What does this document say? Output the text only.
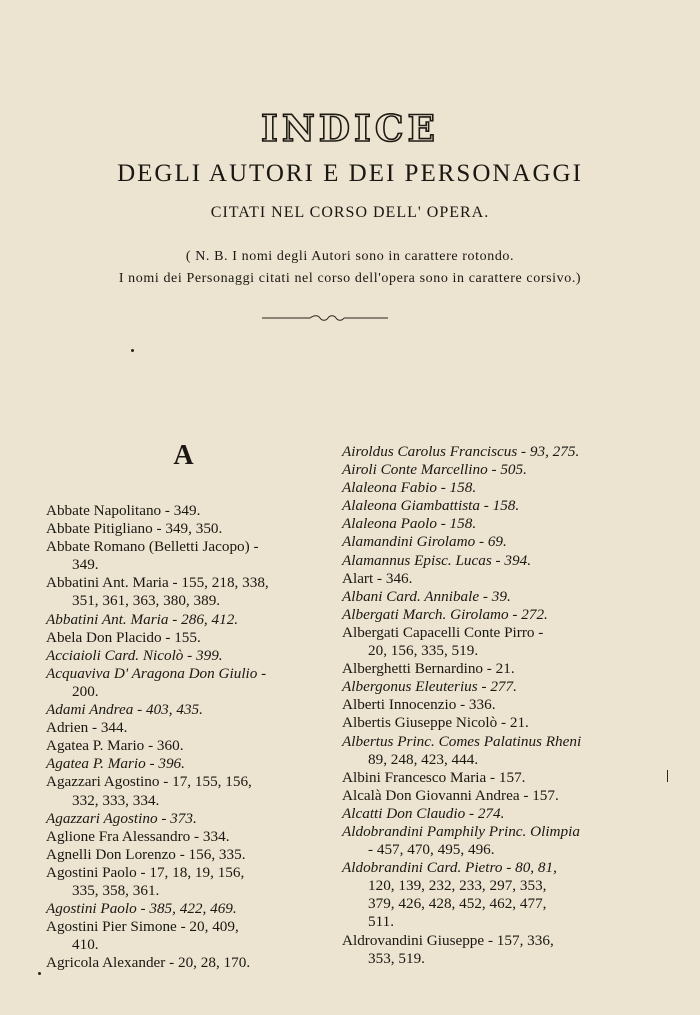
INDICE
DEGLI AUTORI E DEI PERSONAGGI
CITATI NEL CORSO DELL' OPERA.
( N. B. I nomi degli Autori sono in carattere rotondo.
I nomi dei Personaggi citati nel corso dell'opera sono in carattere corsivo.)
A
Abbate Napolitano - 349.
Abbate Pitigliano - 349, 350.
Abbate Romano (Belletti Jacopo) -
349.
Abbatini Ant. Maria - 155, 218, 338,
351, 361, 363, 380, 389.
Abbatini Ant. Maria - 286, 412.
Abela Don Placido - 155.
Acciaioli Card. Nicolò - 399.
Acquaviva D' Aragona Don Giulio -
200.
Adami Andrea - 403, 435.
Adrien - 344.
Agatea P. Mario - 360.
Agatea P. Mario - 396.
Agazzari Agostino - 17, 155, 156,
332, 333, 334.
Agazzari Agostino - 373.
Aglione Fra Alessandro - 334.
Agnelli Don Lorenzo - 156, 335.
Agostini Paolo - 17, 18, 19, 156,
335, 358, 361.
Agostini Paolo - 385, 422, 469.
Agostini Pier Simone - 20, 409,
410.
Agricola Alexander - 20, 28, 170.
Airoldus Carolus Franciscus - 93, 275.
Airoli Conte Marcellino - 505.
Alaleona Fabio - 158.
Alaleona Giambattista - 158.
Alaleona Paolo - 158.
Alamandini Girolamo - 69.
Alamannus Episc. Lucas - 394.
Alart - 346.
Albani Card. Annibale - 39.
Albergati March. Girolamo - 272.
Albergati Capacelli Conte Pirro -
20, 156, 335, 519.
Alberghetti Bernardino - 21.
Albergonus Eleuterius - 277.
Alberti Innocenzio - 336.
Albertis Giuseppe Nicolò - 21.
Albertus Princ. Comes Palatinus Rheni
89, 248, 423, 444.
Albini Francesco Maria - 157.
Alcalà Don Giovanni Andrea - 157.
Alcatti Don Claudio - 274.
Aldobrandini Pamphily Princ. Olimpia
- 457, 470, 495, 496.
Aldobrandini Card. Pietro - 80, 81,
120, 139, 232, 233, 297, 353,
379, 426, 428, 452, 462, 477,
511.
Aldrovandini Giuseppe - 157, 336,
353, 519.
